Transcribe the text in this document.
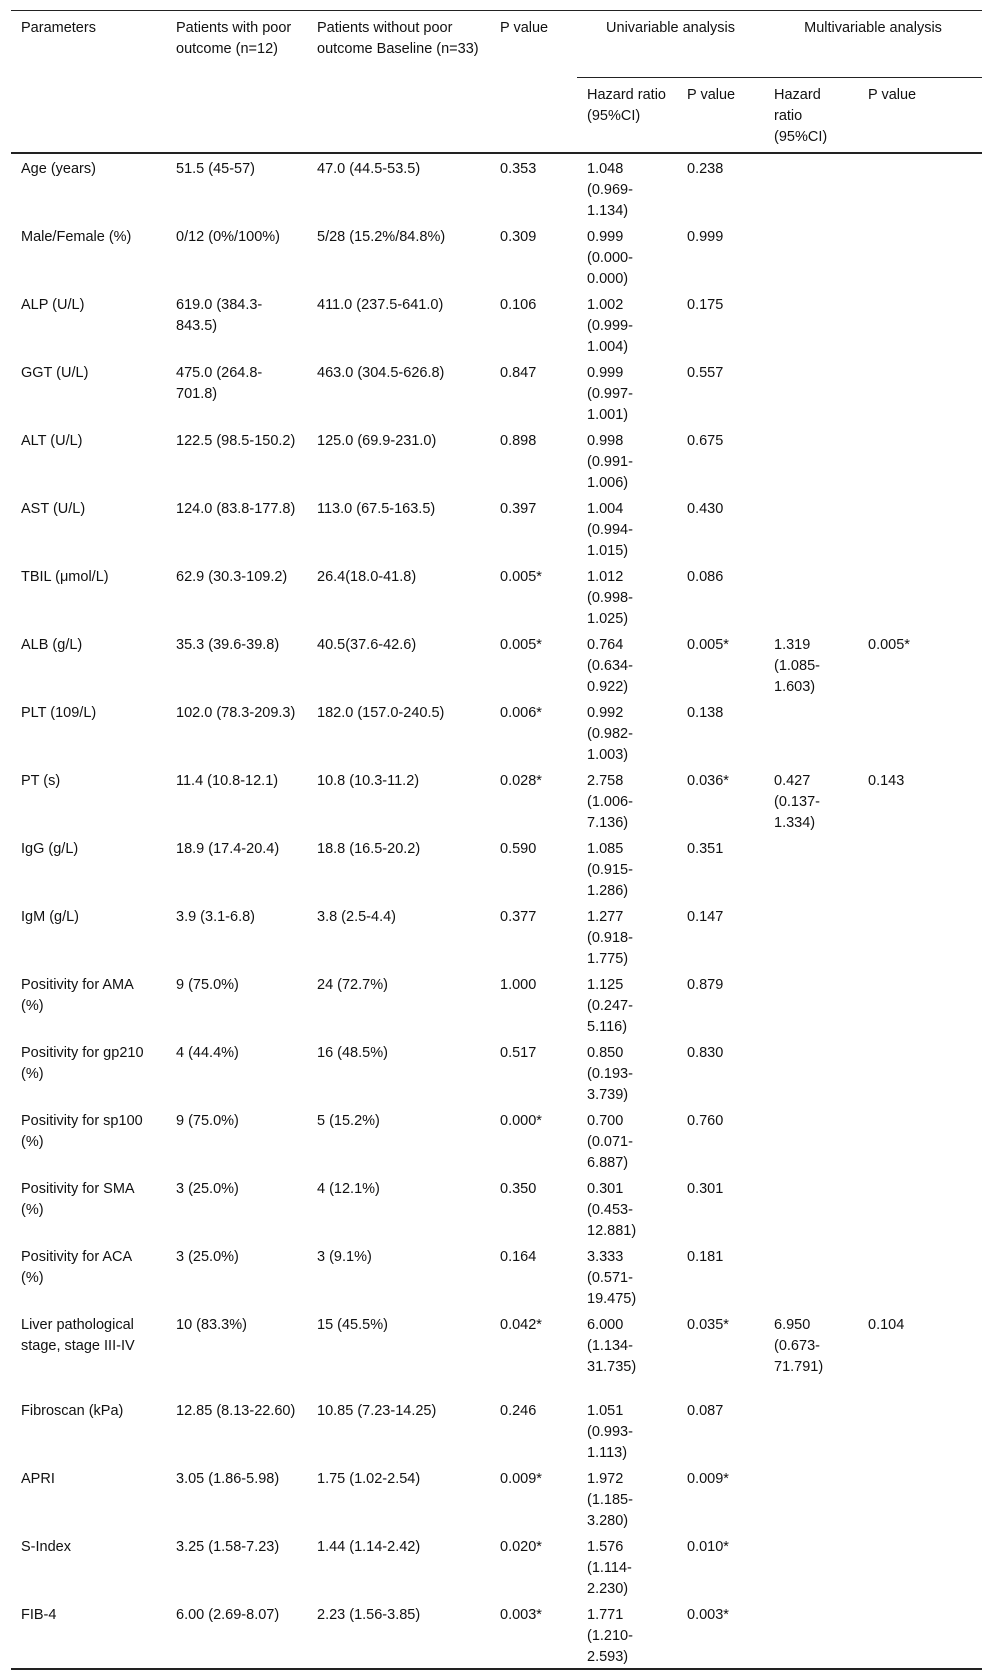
Parameters	Patients with poor outcome (n=12)	Patients without poor outcome Baseline (n=33)	P value	Univariable analysis		Multivariable analysis	
				Hazard ratio (95%CI)	P value	Hazard ratio (95%CI)	P value
Age (years)	51.5 (45-57)	47.0 (44.5-53.5)	0.353	1.048 (0.969-1.134)	0.238		
Male/Female (%)	0/12 (0%/100%)	5/28 (15.2%/84.8%)	0.309	0.999 (0.000-0.000)	0.999		
ALP (U/L)	619.0 (384.3-843.5)	411.0 (237.5-641.0)	0.106	1.002 (0.999-1.004)	0.175		
GGT (U/L)	475.0 (264.8-701.8)	463.0 (304.5-626.8)	0.847	0.999 (0.997-1.001)	0.557		
ALT (U/L)	122.5 (98.5-150.2)	125.0 (69.9-231.0)	0.898	0.998 (0.991-1.006)	0.675		
AST (U/L)	124.0 (83.8-177.8)	113.0 (67.5-163.5)	0.397	1.004 (0.994-1.015)	0.430		
TBIL (μmol/L)	62.9 (30.3-109.2)	26.4(18.0-41.8)	0.005*	1.012 (0.998-1.025)	0.086		
ALB (g/L)	35.3 (39.6-39.8)	40.5(37.6-42.6)	0.005*	0.764 (0.634-0.922)	0.005*	1.319 (1.085-1.603)	0.005*
PLT (109/L)	102.0 (78.3-209.3)	182.0 (157.0-240.5)	0.006*	0.992 (0.982-1.003)	0.138		
PT (s)	11.4 (10.8-12.1)	10.8 (10.3-11.2)	0.028*	2.758 (1.006-7.136)	0.036*	0.427 (0.137-1.334)	0.143
IgG (g/L)	18.9 (17.4-20.4)	18.8 (16.5-20.2)	0.590	1.085 (0.915-1.286)	0.351		
IgM (g/L)	3.9 (3.1-6.8)	3.8 (2.5-4.4)	0.377	1.277 (0.918-1.775)	0.147		
Positivity for AMA (%)	9 (75.0%)	24 (72.7%)	1.000	1.125 (0.247-5.116)	0.879		
Positivity for gp210 (%)	4 (44.4%)	16 (48.5%)	0.517	0.850 (0.193-3.739)	0.830		
Positivity for sp100 (%)	9 (75.0%)	5 (15.2%)	0.000*	0.700 (0.071-6.887)	0.760		
Positivity for SMA (%)	3 (25.0%)	4 (12.1%)	0.350	0.301 (0.453-12.881)	0.301		
Positivity for ACA (%)	3 (25.0%)	3 (9.1%)	0.164	3.333 (0.571-19.475)	0.181		
Liver pathological stage, stage III-IV	10 (83.3%)	15 (45.5%)	0.042*	6.000 (1.134-31.735)	0.035*	6.950 (0.673-71.791)	0.104
Fibroscan (kPa)	12.85 (8.13-22.60)	10.85 (7.23-14.25)	0.246	1.051 (0.993-1.113)	0.087		
APRI	3.05 (1.86-5.98)	1.75 (1.02-2.54)	0.009*	1.972 (1.185-3.280)	0.009*		
S-Index	3.25 (1.58-7.23)	1.44 (1.14-2.42)	0.020*	1.576 (1.114-2.230)	0.010*		
FIB-4	6.00 (2.69-8.07)	2.23 (1.56-3.85)	0.003*	1.771 (1.210-2.593)	0.003*		
